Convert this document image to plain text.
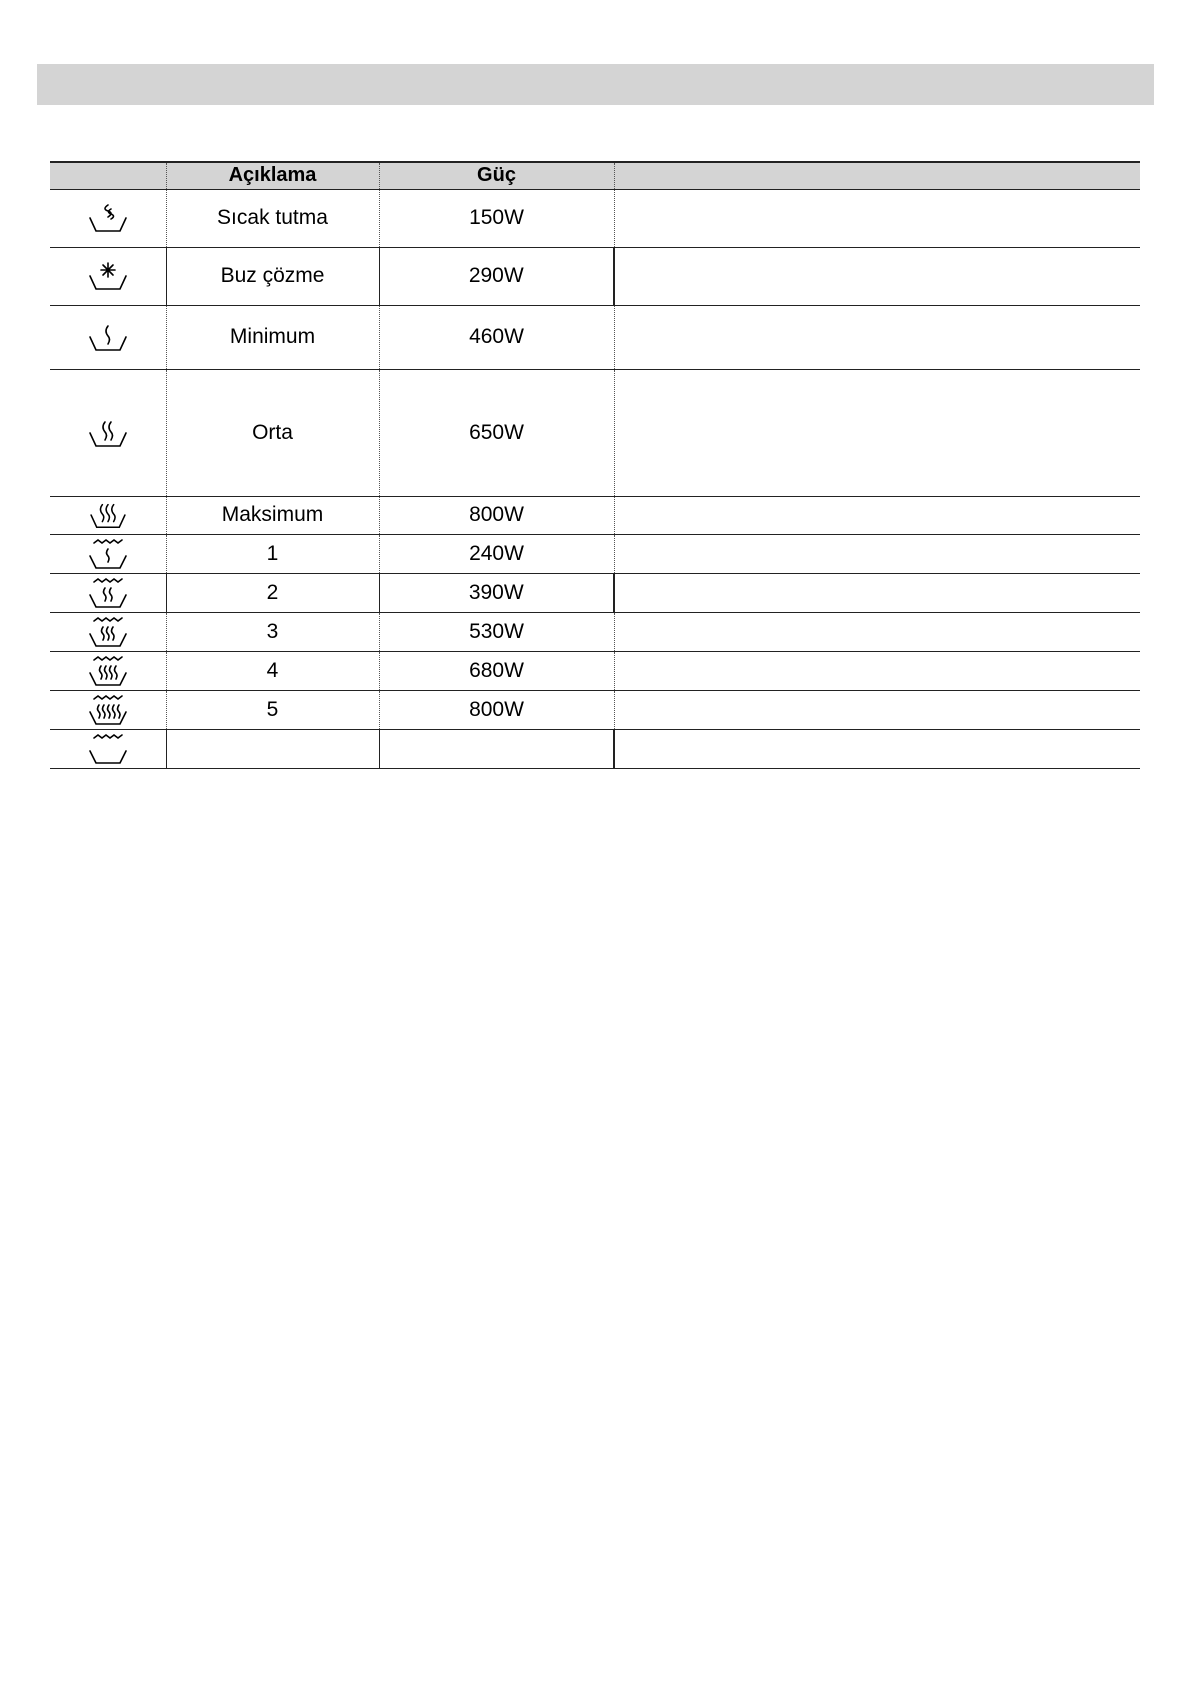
	Açıklama	Güç	

	Sıcak tutma	150W	

	Buz çözme	290W	

	Minimum	460W	

	Orta	650W	

	Maksimum	800W	

	1	240W	

	2	390W	

	3	530W	

	4	680W	

	5	800W	
